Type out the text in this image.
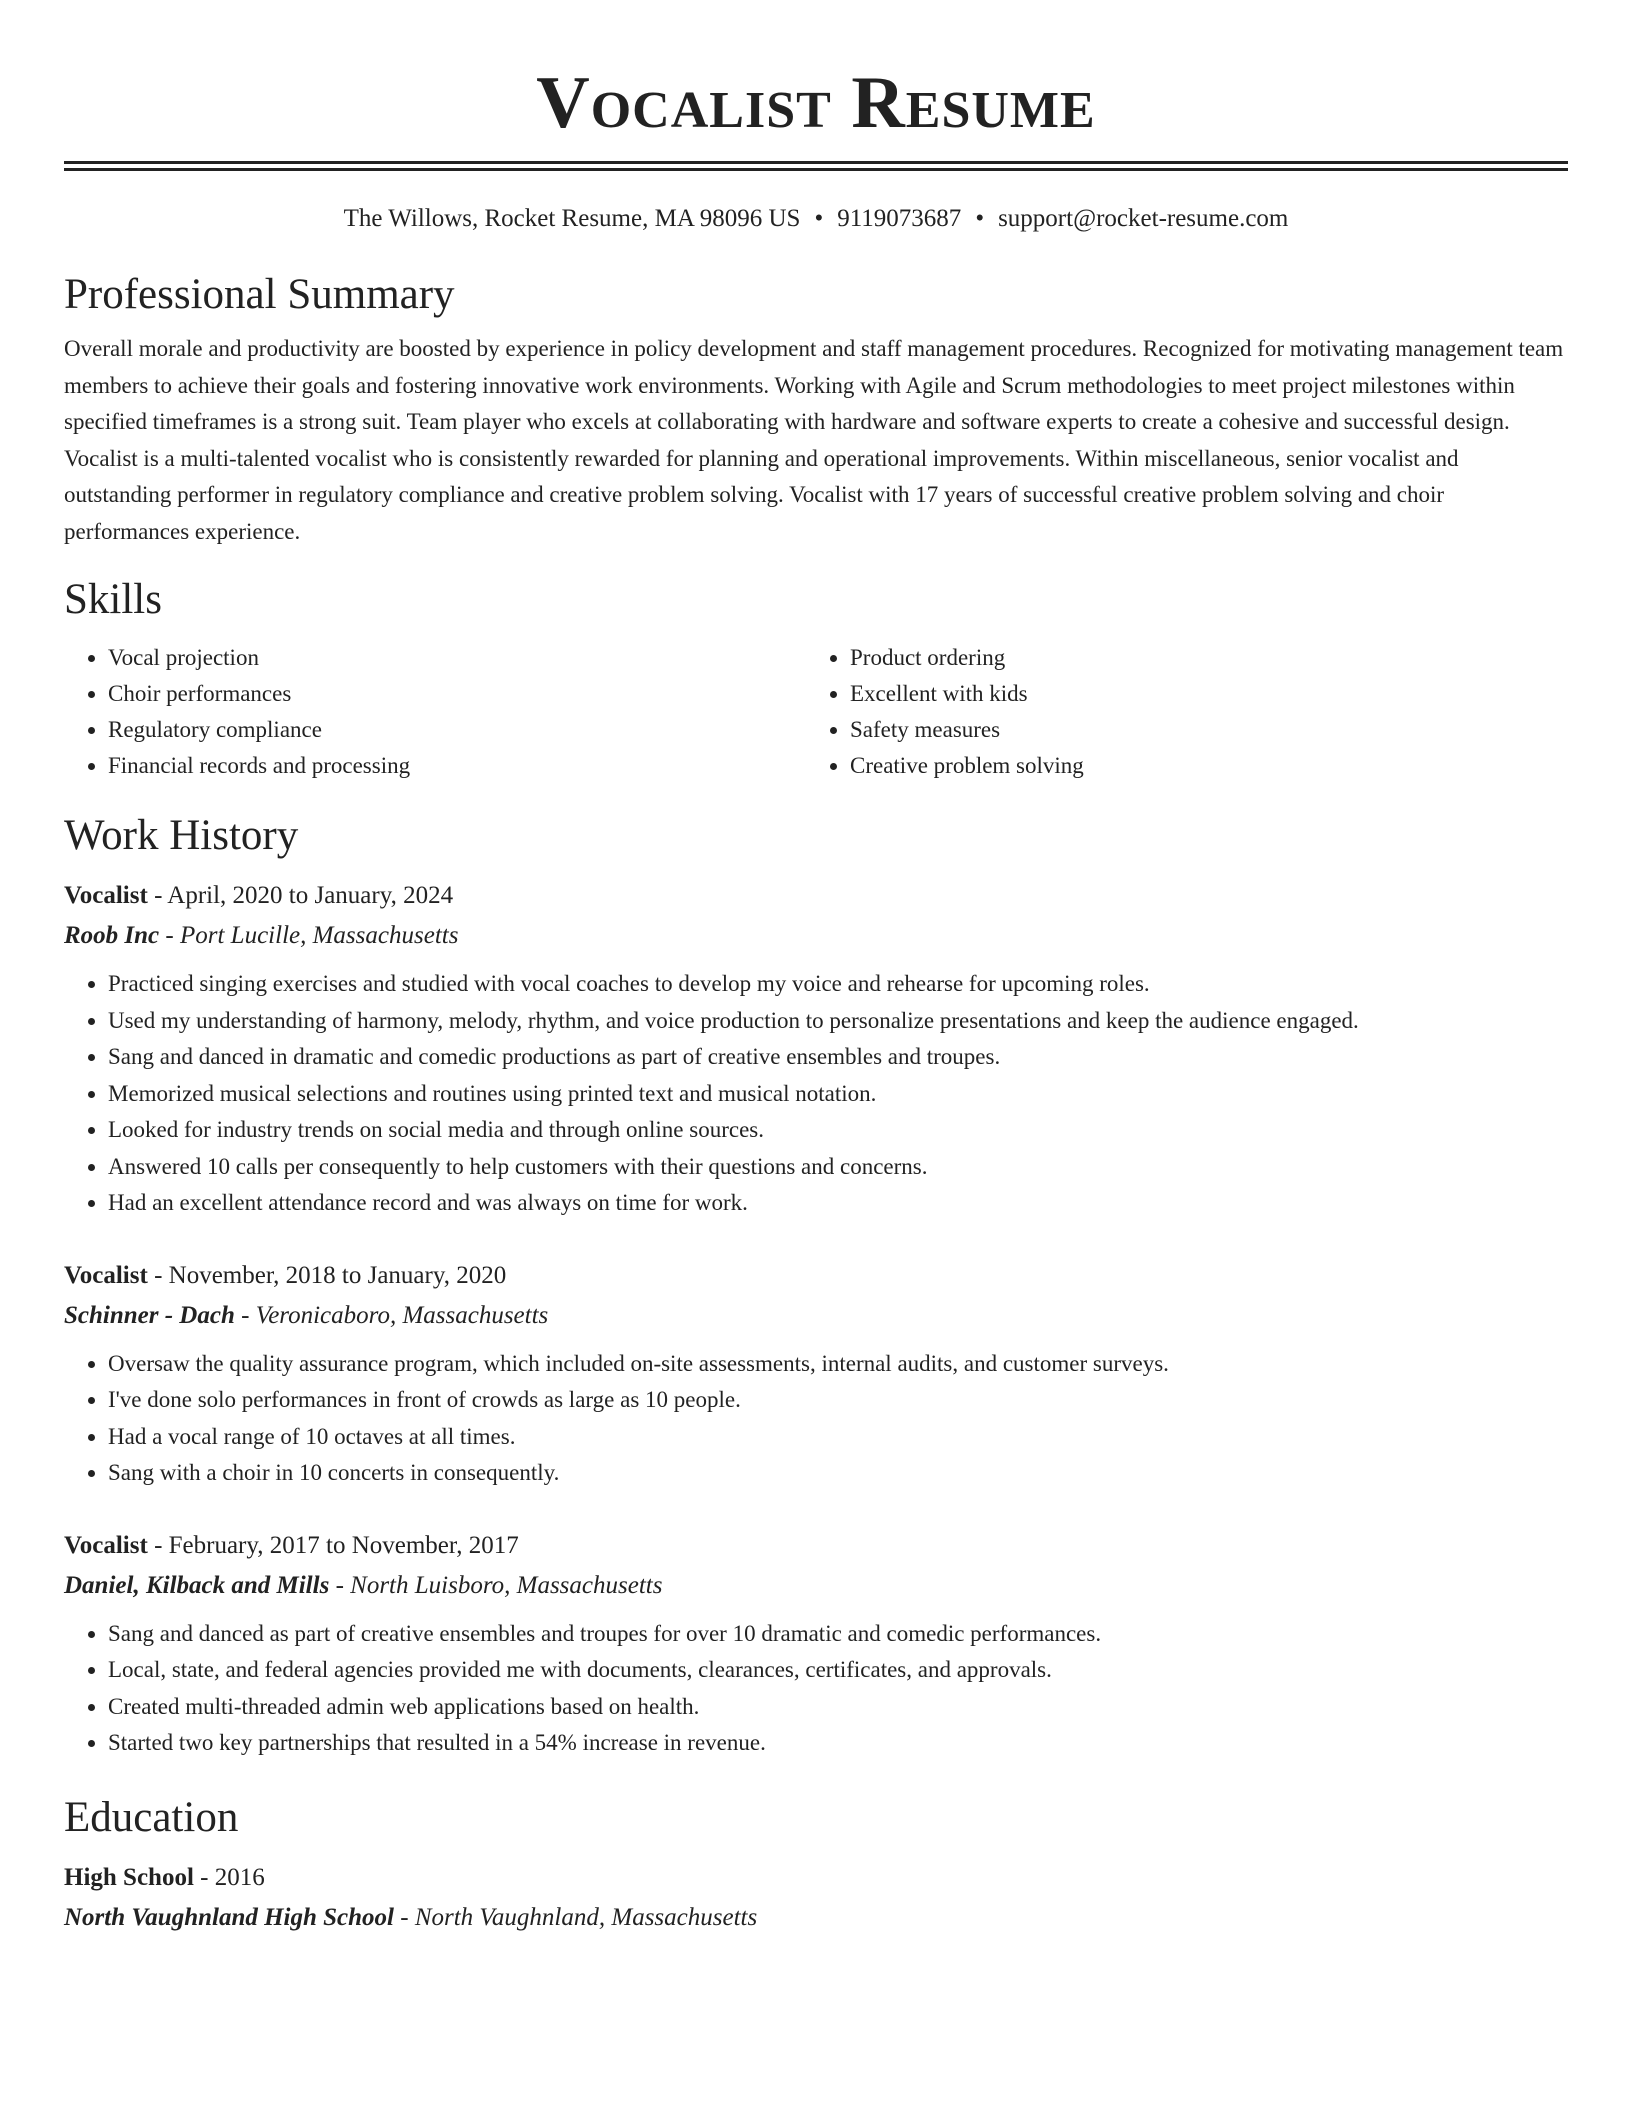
Vocalist Resume
The Willows, Rocket Resume, MA 98096 US • 9119073687 • support@rocket-resume.com
Professional Summary

Overall morale and productivity are boosted by experience in policy development and staff management procedures. Recognized for motivating management team members to achieve their goals and fostering innovative work environments. Working with Agile and Scrum methodologies to meet project milestones within specified timeframes is a strong suit. Team player who excels at collaborating with hardware and software experts to create a cohesive and successful design. Vocalist is a multi-talented vocalist who is consistently rewarded for planning and operational improvements. Within miscellaneous, senior vocalist and outstanding performer in regulatory compliance and creative problem solving. Vocalist with 17 years of successful creative problem solving and choir performances experience.

Skills
• Vocal projection
• Choir performances
• Regulatory compliance
• Financial records and processing
• Product ordering
• Excellent with kids
• Safety measures
• Creative problem solving
Work History
Vocalist - April, 2020 to January, 2024
Roob Inc - Port Lucille, Massachusetts
• Practiced singing exercises and studied with vocal coaches to develop my voice and rehearse for upcoming roles.
• Used my understanding of harmony, melody, rhythm, and voice production to personalize presentations and keep the audience engaged.
• Sang and danced in dramatic and comedic productions as part of creative ensembles and troupes.
• Memorized musical selections and routines using printed text and musical notation.
• Looked for industry trends on social media and through online sources.
• Answered 10 calls per consequently to help customers with their questions and concerns.
• Had an excellent attendance record and was always on time for work.
Vocalist - November, 2018 to January, 2020
Schinner - Dach - Veronicaboro, Massachusetts
• Oversaw the quality assurance program, which included on-site assessments, internal audits, and customer surveys.
• I've done solo performances in front of crowds as large as 10 people.
• Had a vocal range of 10 octaves at all times.
• Sang with a choir in 10 concerts in consequently.
Vocalist - February, 2017 to November, 2017
Daniel, Kilback and Mills - North Luisboro, Massachusetts
• Sang and danced as part of creative ensembles and troupes for over 10 dramatic and comedic performances.
• Local, state, and federal agencies provided me with documents, clearances, certificates, and approvals.
• Created multi-threaded admin web applications based on health.
• Started two key partnerships that resulted in a 54% increase in revenue.
Education
High School - 2016
North Vaughnland High School - North Vaughnland, Massachusetts
